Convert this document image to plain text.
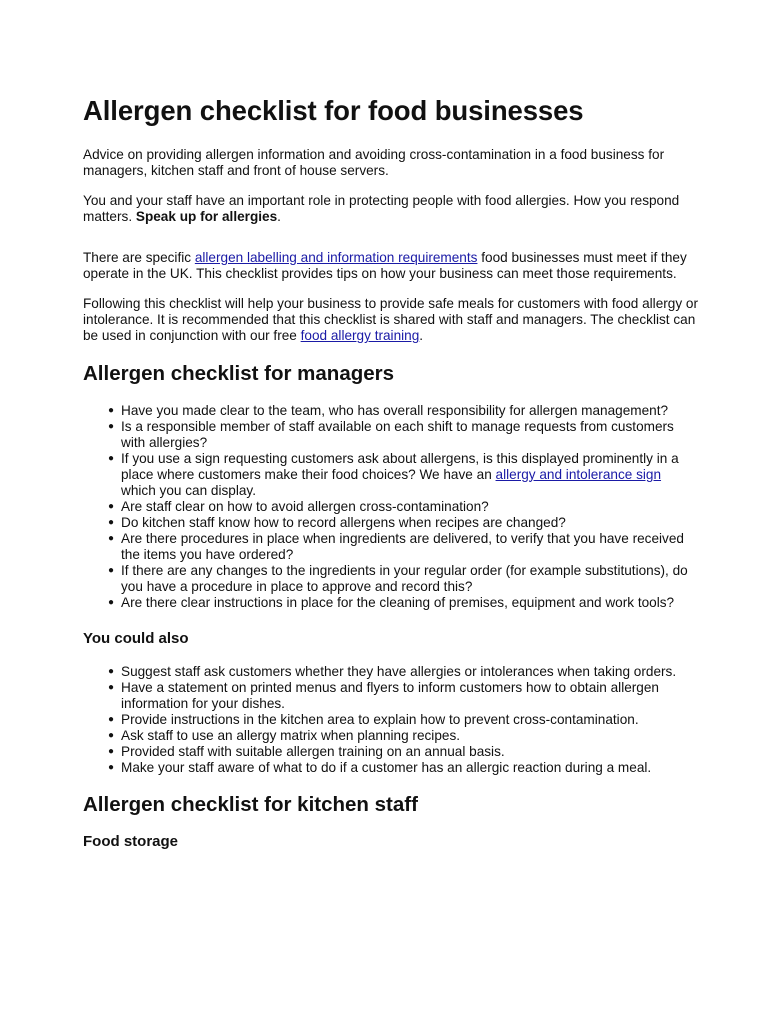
Allergen checklist for food businesses

Advice on providing allergen information and avoiding cross-contamination in a food business for managers, kitchen staff and front of house servers.

You and your staff have an important role in protecting people with food allergies. How you respond matters. Speak up for allergies.

There are specific allergen labelling and information requirements food businesses must meet if they operate in the UK. This checklist provides tips on how your business can meet those requirements.

Following this checklist will help your business to provide safe meals for customers with food allergy or intolerance. It is recommended that this checklist is shared with staff and managers. The checklist can be used in conjunction with our free food allergy training.

Allergen checklist for managers
● Have you made clear to the team, who has overall responsibility for allergen management?
● Is a responsible member of staff available on each shift to manage requests from customers with allergies?
● If you use a sign requesting customers ask about allergens, is this displayed prominently in a place where customers make their food choices? We have an allergy and intolerance sign which you can display.
● Are staff clear on how to avoid allergen cross-contamination?
● Do kitchen staff know how to record allergens when recipes are changed?
● Are there procedures in place when ingredients are delivered, to verify that you have received the items you have ordered?
● If there are any changes to the ingredients in your regular order (for example substitutions), do you have a procedure in place to approve and record this?
● Are there clear instructions in place for the cleaning of premises, equipment and work tools?
You could also
● Suggest staff ask customers whether they have allergies or intolerances when taking orders.
● Have a statement on printed menus and flyers to inform customers how to obtain allergen information for your dishes.
● Provide instructions in the kitchen area to explain how to prevent cross-contamination.
● Ask staff to use an allergy matrix when planning recipes.
● Provided staff with suitable allergen training on an annual basis.
● Make your staff aware of what to do if a customer has an allergic reaction during a meal.
Allergen checklist for kitchen staff
Food storage
